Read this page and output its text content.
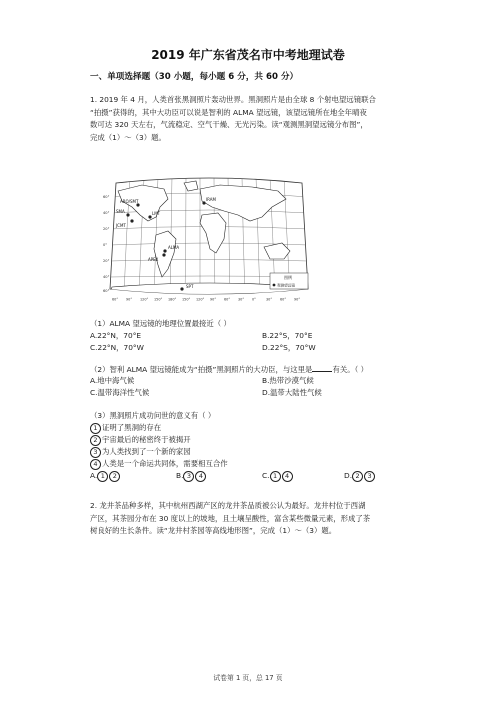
2019 年广东省茂名市中考地理试卷
一、单项选择题（30 小题，每小题 6 分，共 60 分）
1. 2019 年 4 月，人类首张黑洞照片轰动世界。黑洞照片是由全球 8 个射电望远镜联合
“拍摄”获得的，其中大功臣可以说是智利的 ALMA 望远镜，该望远镜所在地全年晴夜
数可达 320 天左右，气流稳定、空气干燥、无光污染。读“观测黑洞望远镜分布图”，
完成（1）～（3）题。
ARO/SMT
SMA
JCMT
LMT
IRAM
APEX
ALMA
SPT
60°
40°
20°
0°
20°
40°
60°
60° 90° 120° 150° 180° 150° 120° 90° 60° 30° 0°	30° 60° 90°
图例
观测望远镜
（1）ALMA 望远镜的地理位置最接近（ ）
A.22°N，70°E	B.22°S，70°E
C.22°N，70°W	D.22°S，70°W
（2）智利 ALMA 望远镜能成为“拍摄”黑洞照片的大功臣，与这里是	有关。（ ）
A.地中海气候	B.热带沙漠气候
C.温带海洋性气候	D.温带大陆性气候
（3）黑洞照片成功问世的意义有（ ）
1 证明了黑洞的存在
2 宇宙最后的秘密终于被揭开
3 为人类找到了一个新的家园
4 人类是一个命运共同体，需要相互合作
A. 1 2	B. 3 4	C. 1 4	D. 2 3
2. 龙井茶品种多样，其中杭州西湖产区的龙井茶品质被公认为最好。龙井村位于西湖
产区，其茶园分布在 30 度以上的坡地，且土壤呈酸性，富含某些微量元素，形成了茶
树良好的生长条件。读“龙井村茶园等高线地形图”，完成（1）～（3）题。
试卷第 1 页，总 17 页
